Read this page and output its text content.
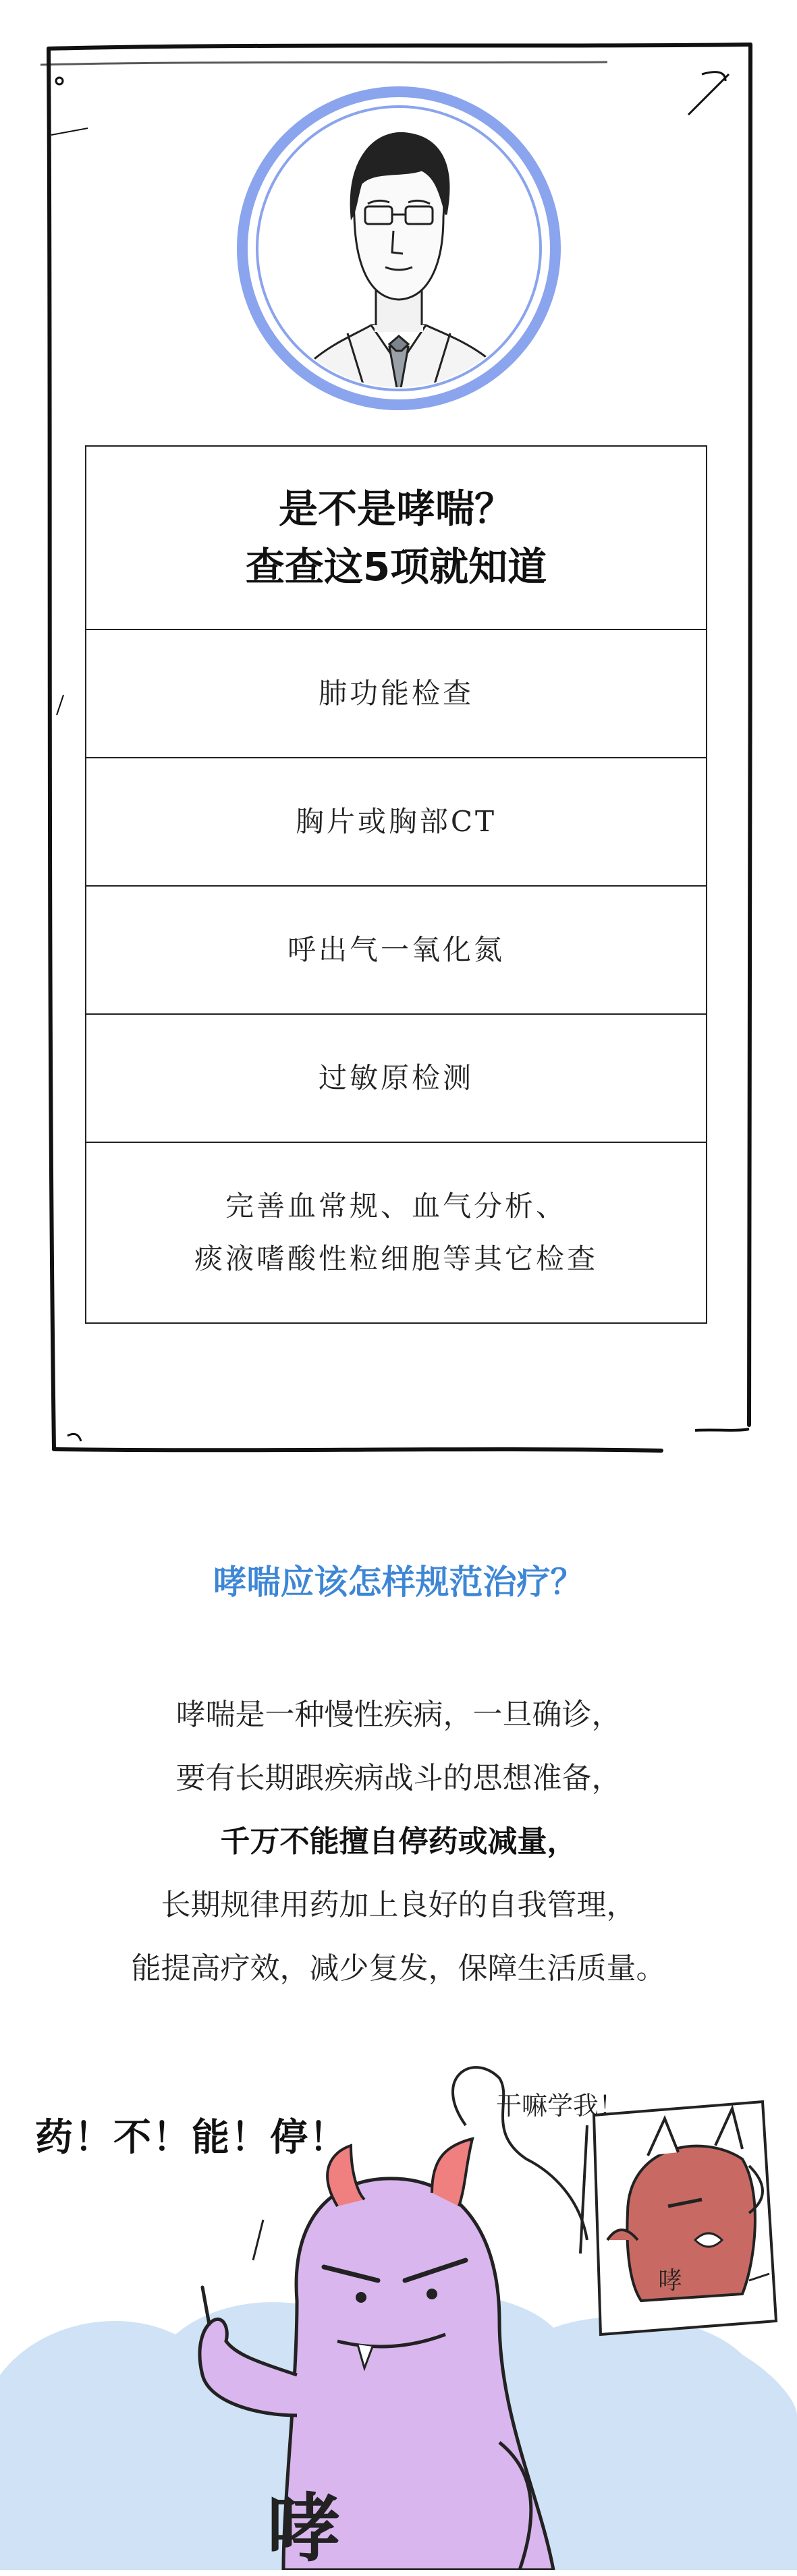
是不是哮喘？
查查这5项就知道
肺功能检查
胸片或胸部CT
呼出气一氧化氮
过敏原检测
完善血常规、血气分析、
痰液嗜酸性粒细胞等其它检查
哮喘应该怎样规范治疗？
哮喘是一种慢性疾病，一旦确诊，
要有长期跟疾病战斗的思想准备，
千万不能擅自停药或减量，
长期规律用药加上良好的自我管理，
能提高疗效，减少复发，保障生活质量。
药！不！能！停！
干嘛学我！
哮
哮
